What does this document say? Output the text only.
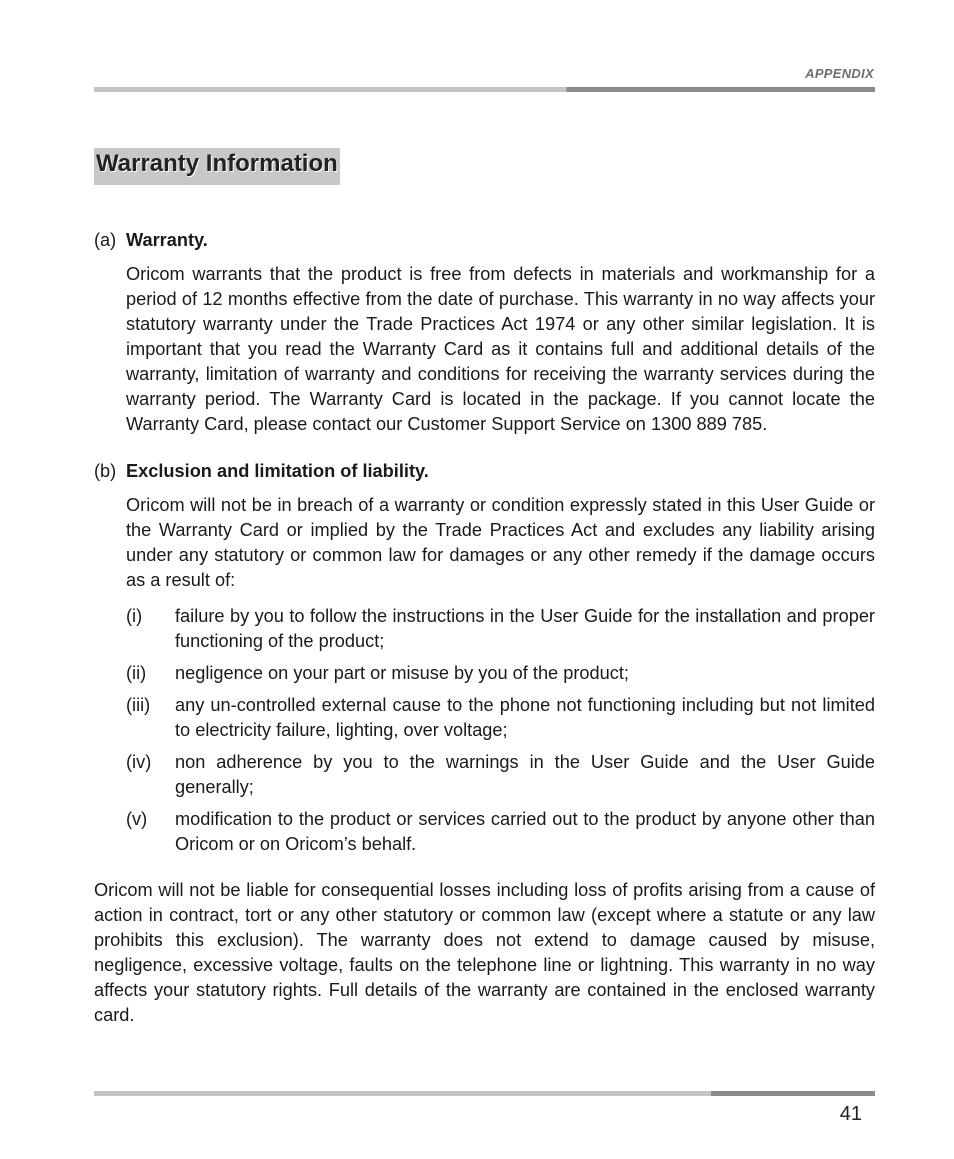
APPENDIX
Warranty Information
(a) Warranty.
Oricom warrants that the product is free from defects in materials and workmanship for a period of 12 months effective from the date of purchase. This warranty in no way affects your statutory warranty under the Trade Practices Act 1974 or any other similar legislation. It is important that you read the Warranty Card as it contains full and additional details of the warranty, limitation of warranty and conditions for receiving the warranty services during the warranty period. The Warranty Card is located in the package. If you cannot locate the Warranty Card, please contact our Customer Support Service on 1300 889 785.
(b) Exclusion and limitation of liability.
Oricom will not be in breach of a warranty or condition expressly stated in this User Guide or the Warranty Card or implied by the Trade Practices Act and excludes any liability arising under any statutory or common law for damages or any other remedy if the damage occurs as a result of:
(i)	failure by you to follow the instructions in the User Guide for the installation and proper functioning of the product;
(ii)	negligence on your part or misuse by you of the product;
(iii)	any un-controlled external cause to the phone not functioning including but not limited to electricity failure, lighting, over voltage;
(iv)	non adherence by you to the warnings in the User Guide and the User Guide generally;
(v)	modification to the product or services carried out to the product by anyone other than Oricom or on Oricom’s behalf.
Oricom will not be liable for consequential losses including loss of profits arising from a cause of action in contract, tort or any other statutory or common law (except where a statute or any law prohibits this exclusion). The warranty does not extend to damage caused by misuse, negligence, excessive voltage, faults on the telephone line or lightning. This warranty in no way affects your statutory rights. Full details of the warranty are contained in the enclosed warranty card.
41
